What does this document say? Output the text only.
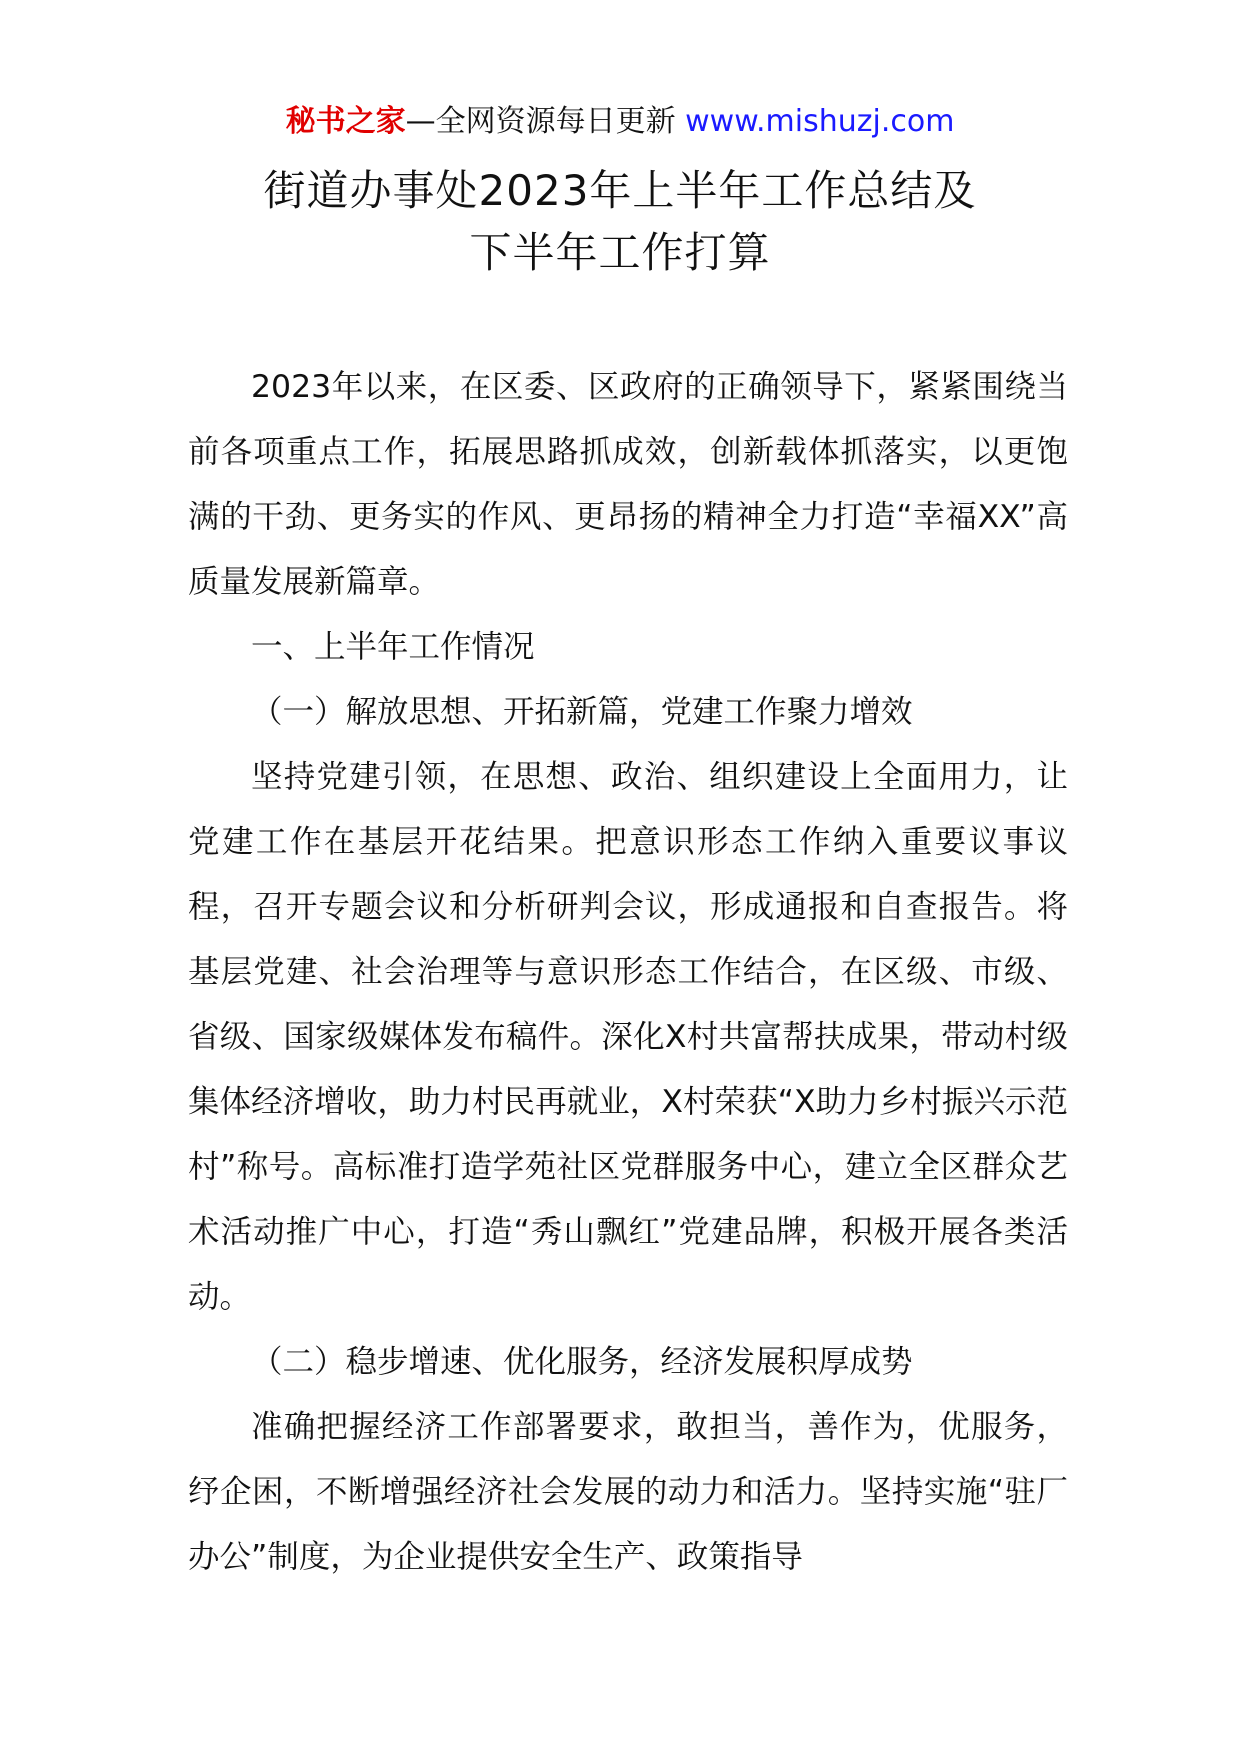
秘书之家—全网资源每日更新 www.mishuzj.com
街道办事处2023年上半年工作总结及
下半年工作打算

2023年以来，在区委、区政府的正确领导下，紧紧围绕当前各项重点工作，拓展思路抓成效，创新载体抓落实，以更饱满的干劲、更务实的作风、更昂扬的精神全力打造“幸福XX”高质量发展新篇章。

一、上半年工作情况

（一）解放思想、开拓新篇，党建工作聚力增效

坚持党建引领，在思想、政治、组织建设上全面用力，让党建工作在基层开花结果。把意识形态工作纳入重要议事议程，召开专题会议和分析研判会议，形成通报和自查报告。将基层党建、社会治理等与意识形态工作结合，在区级、市级、省级、国家级媒体发布稿件。深化X村共富帮扶成果，带动村级集体经济增收，助力村民再就业，X村荣获“X助力乡村振兴示范村”称号。高标准打造学苑社区党群服务中心，建立全区群众艺术活动推广中心，打造“秀山飘红”党建品牌，积极开展各类活动。

（二）稳步增速、优化服务，经济发展积厚成势

准确把握经济工作部署要求，敢担当，善作为，优服务，纾企困，不断增强经济社会发展的动力和活力。坚持实施“驻厂办公”制度，为企业提供安全生产、政策指导
